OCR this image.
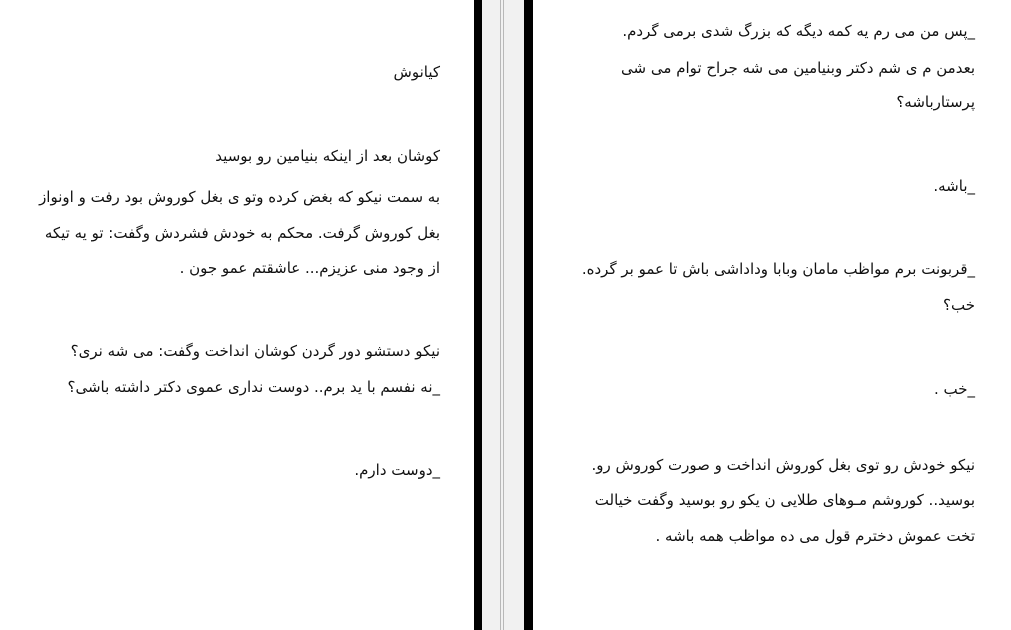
کیانوش
کوشان بعد از اینکه بنیامین رو بوسید
به سمت نیکو که بغض کرده وتو ی بغل کوروش بود رفت و اونواز
بغل کوروش گرفت. محکم به خودش فشردش وگفت: تو یه تیکه
از وجود منی عزیزم... عاشقتم عمو جون .
نیکو دستشو دور گردن کوشان انداخت وگفت: می شه نری؟
_نه نفسم با ید برم.. دوست نداری عموی دکتر داشته باشی؟
_دوست دارم.
_پس من می رم یه کمه دیگه که بزرگ شدی برمی گردم.
بعدمن م ی شم دکتر وبنیامین می شه جراح توام می شی
پرستارباشه؟
_باشه.
_قربونت برم مواظب مامان وبابا وداداشی باش تا عمو بر گرده.
خب؟
_خب .
نیکو خودش رو توی بغل کوروش انداخت و صورت کوروش رو.
بوسید.. کوروشم مـوهای طلایی ن یکو رو بوسید وگفت خیالت
تخت عموش دخترم قول می ده مواظب همه باشه .
